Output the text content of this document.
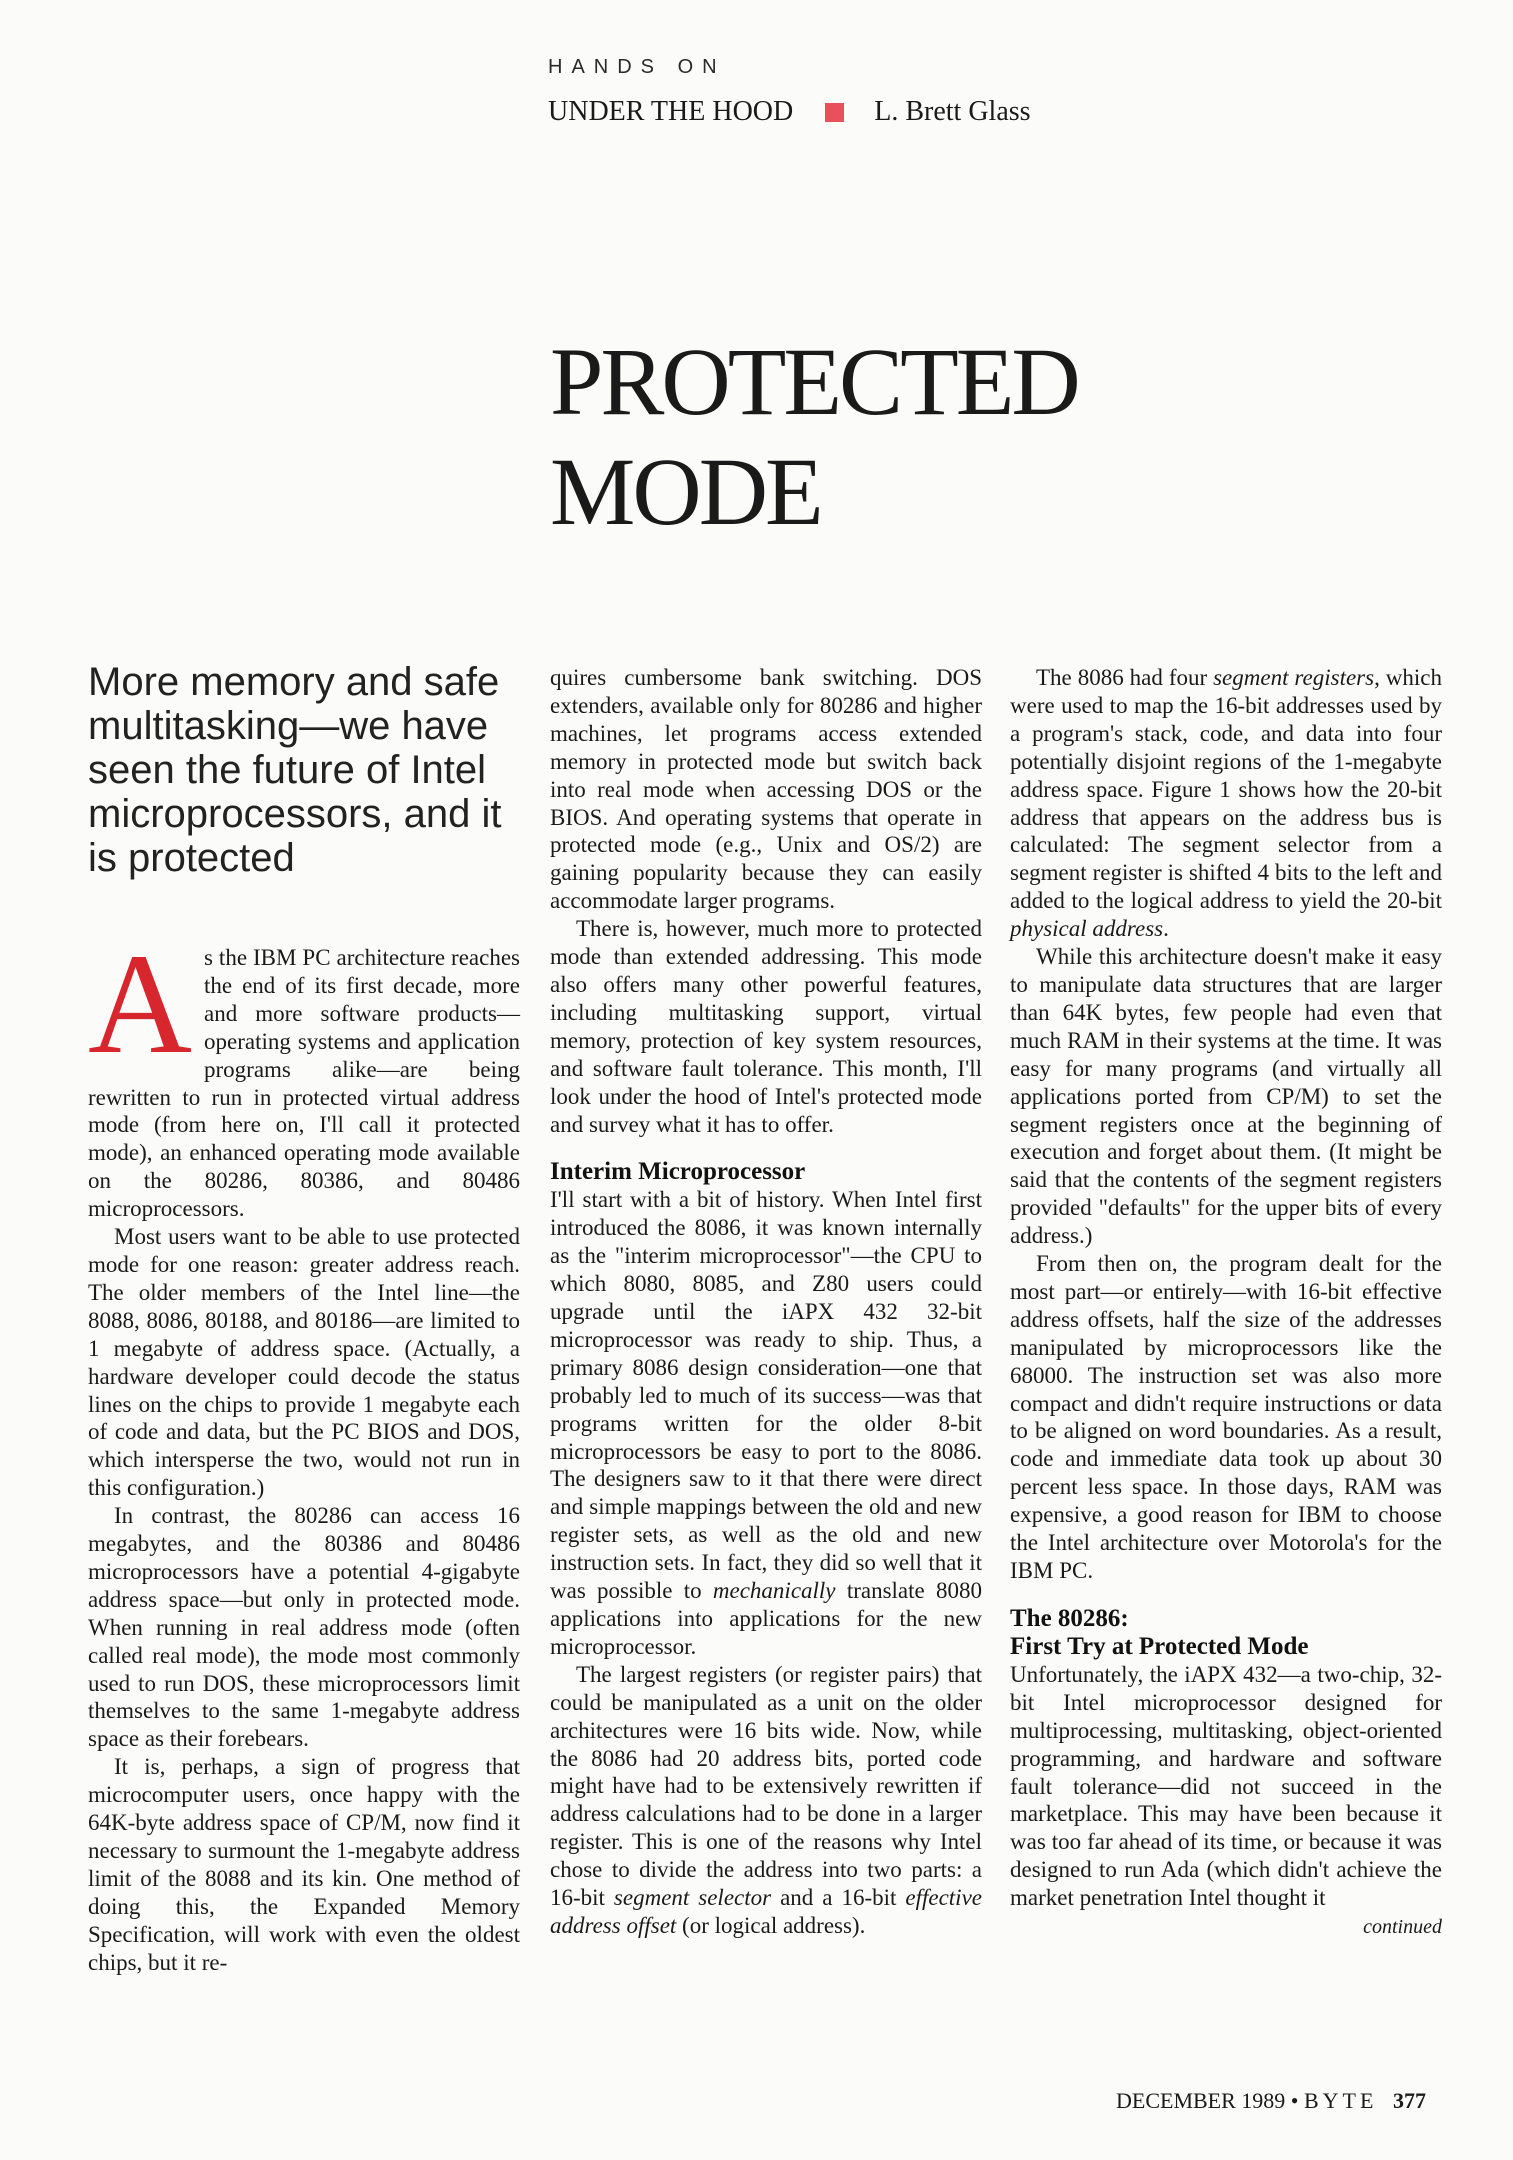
HANDS ON
UNDER THE HOOD	L. Brett Glass
PROTECTED
MODE
More memory and safe multitasking—we have seen the future of Intel microprocessors, and it is protected

As the IBM PC architecture reaches the end of its first decade, more and more software products—operating systems and application programs alike—are being rewritten to run in protected virtual address mode (from here on, I'll call it protected mode), an enhanced operating mode available on the 80286, 80386, and 80486 microprocessors.

Most users want to be able to use protected mode for one reason: greater address reach. The older members of the Intel line—the 8088, 8086, 80188, and 80186—are limited to 1 megabyte of address space. (Actually, a hardware developer could decode the status lines on the chips to provide 1 megabyte each of code and data, but the PC BIOS and DOS, which intersperse the two, would not run in this configuration.)

In contrast, the 80286 can access 16 megabytes, and the 80386 and 80486 microprocessors have a potential 4-gigabyte address space—but only in protected mode. When running in real address mode (often called real mode), the mode most commonly used to run DOS, these microprocessors limit themselves to the same 1-megabyte address space as their forebears.

It is, perhaps, a sign of progress that microcomputer users, once happy with the 64K-byte address space of CP/M, now find it necessary to surmount the 1-megabyte address limit of the 8088 and its kin. One method of doing this, the Expanded Memory Specification, will work with even the oldest chips, but it re-

quires cumbersome bank switching. DOS extenders, available only for 80286 and higher machines, let programs access extended memory in protected mode but switch back into real mode when accessing DOS or the BIOS. And operating systems that operate in protected mode (e.g., Unix and OS/2) are gaining popularity because they can easily accommodate larger programs.

There is, however, much more to protected mode than extended addressing. This mode also offers many other powerful features, including multitasking support, virtual memory, protection of key system resources, and software fault tolerance. This month, I'll look under the hood of Intel's protected mode and survey what it has to offer.

Interim Microprocessor

I'll start with a bit of history. When Intel first introduced the 8086, it was known internally as the "interim microprocessor"—the CPU to which 8080, 8085, and Z80 users could upgrade until the iAPX 432 32-bit microprocessor was ready to ship. Thus, a primary 8086 design consideration—one that probably led to much of its success—was that programs written for the older 8-bit microprocessors be easy to port to the 8086. The designers saw to it that there were direct and simple mappings between the old and new register sets, as well as the old and new instruction sets. In fact, they did so well that it was possible to mechanically translate 8080 applications into applications for the new microprocessor.

The largest registers (or register pairs) that could be manipulated as a unit on the older architectures were 16 bits wide. Now, while the 8086 had 20 address bits, ported code might have had to be extensively rewritten if address calculations had to be done in a larger register. This is one of the reasons why Intel chose to divide the address into two parts: a 16-bit segment selector and a 16-bit effective address offset (or logical address).

The 8086 had four segment registers, which were used to map the 16-bit addresses used by a program's stack, code, and data into four potentially disjoint regions of the 1-megabyte address space. Figure 1 shows how the 20-bit address that appears on the address bus is calculated: The segment selector from a segment register is shifted 4 bits to the left and added to the logical address to yield the 20-bit physical address.

While this architecture doesn't make it easy to manipulate data structures that are larger than 64K bytes, few people had even that much RAM in their systems at the time. It was easy for many programs (and virtually all applications ported from CP/M) to set the segment registers once at the beginning of execution and forget about them. (It might be said that the contents of the segment registers provided "defaults" for the upper bits of every address.)

From then on, the program dealt for the most part—or entirely—with 16-bit effective address offsets, half the size of the addresses manipulated by microprocessors like the 68000. The instruction set was also more compact and didn't require instructions or data to be aligned on word boundaries. As a result, code and immediate data took up about 30 percent less space. In those days, RAM was expensive, a good reason for IBM to choose the Intel architecture over Motorola's for the IBM PC.

The 80286:
First Try at Protected Mode

Unfortunately, the iAPX 432—a two-chip, 32-bit Intel microprocessor designed for multiprocessing, multitasking, object-oriented programming, and hardware and software fault tolerance—did not succeed in the marketplace. This may have been because it was too far ahead of its time, or because it was designed to run Ada (which didn't achieve the market penetration Intel thought it

continued
DECEMBER 1989 • BYTE 377
